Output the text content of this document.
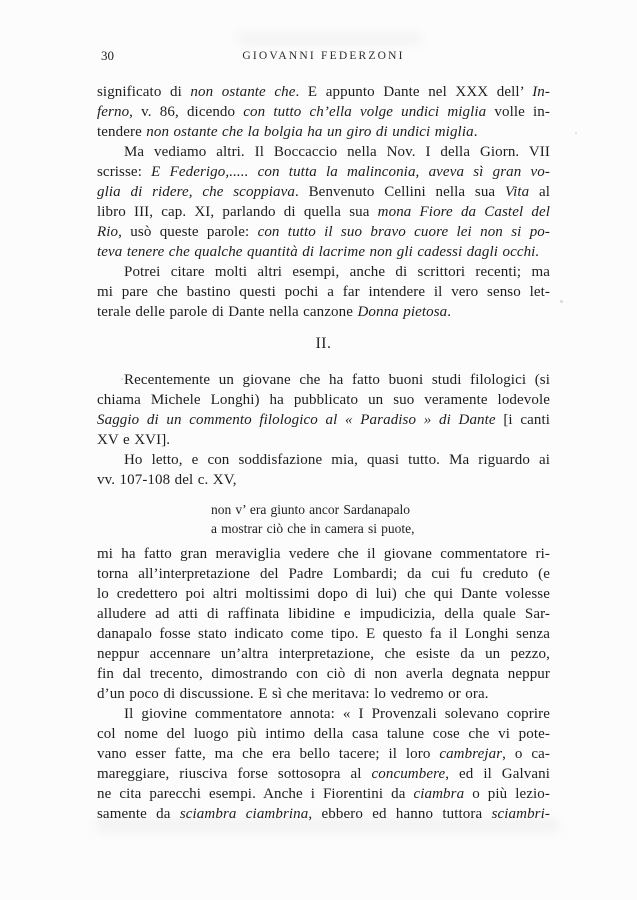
30	GIOVANNI FEDERZONI
significato di non ostante che. E appunto Dante nel XXX dell’ In-
ferno, v. 86, dicendo con tutto ch’ella volge undici miglia volle in-
tendere non ostante che la bolgia ha un giro di undici miglia.
Ma vediamo altri. Il Boccaccio nella Nov. I della Giorn. VII
scrisse: E Federigo,..... con tutta la malinconia, aveva sì gran vo-
glia di ridere, che scoppiava. Benvenuto Cellini nella sua Vita al
libro III, cap. XI, parlando di quella sua mona Fiore da Castel del
Rio, usò queste parole: con tutto il suo bravo cuore lei non si po-
teva tenere che qualche quantità di lacrime non gli cadessi dagli occhi.
Potrei citare molti altri esempi, anche di scrittori recenti; ma
mi pare che bastino questi pochi a far intendere il vero senso let-
terale delle parole di Dante nella canzone Donna pietosa.
II.
Recentemente un giovane che ha fatto buoni studi filologici (si
chiama Michele Longhi) ha pubblicato un suo veramente lodevole
Saggio di un commento filologico al « Paradiso » di Dante [i canti
XV e XVI].
Ho letto, e con soddisfazione mia, quasi tutto. Ma riguardo ai
vv. 107-108 del c. XV,
non v’ era giunto ancor Sardanapalo
a mostrar ciò che in camera si puote,
mi ha fatto gran meraviglia vedere che il giovane commentatore ri-
torna all’interpretazione del Padre Lombardi; da cui fu creduto (e
lo credettero poi altri moltissimi dopo di lui) che qui Dante volesse
alludere ad atti di raffinata libidine e impudicizia, della quale Sar-
danapalo fosse stato indicato come tipo. E questo fa il Longhi senza
neppur accennare un’altra interpretazione, che esiste da un pezzo,
fin dal trecento, dimostrando con ciò di non averla degnata neppur
d’un poco di discussione. E sì che meritava: lo vedremo or ora.
Il giovine commentatore annota: « I Provenzali solevano coprire
col nome del luogo più intimo della casa talune cose che vi pote-
vano esser fatte, ma che era bello tacere; il loro cambrejar, o ca-
mareggiare, riusciva forse sottosopra al concumbere, ed il Galvani
ne cita parecchi esempi. Anche i Fiorentini da ciambra o più lezio-
samente da sciambra ciambrina, ebbero ed hanno tuttora sciambri-
